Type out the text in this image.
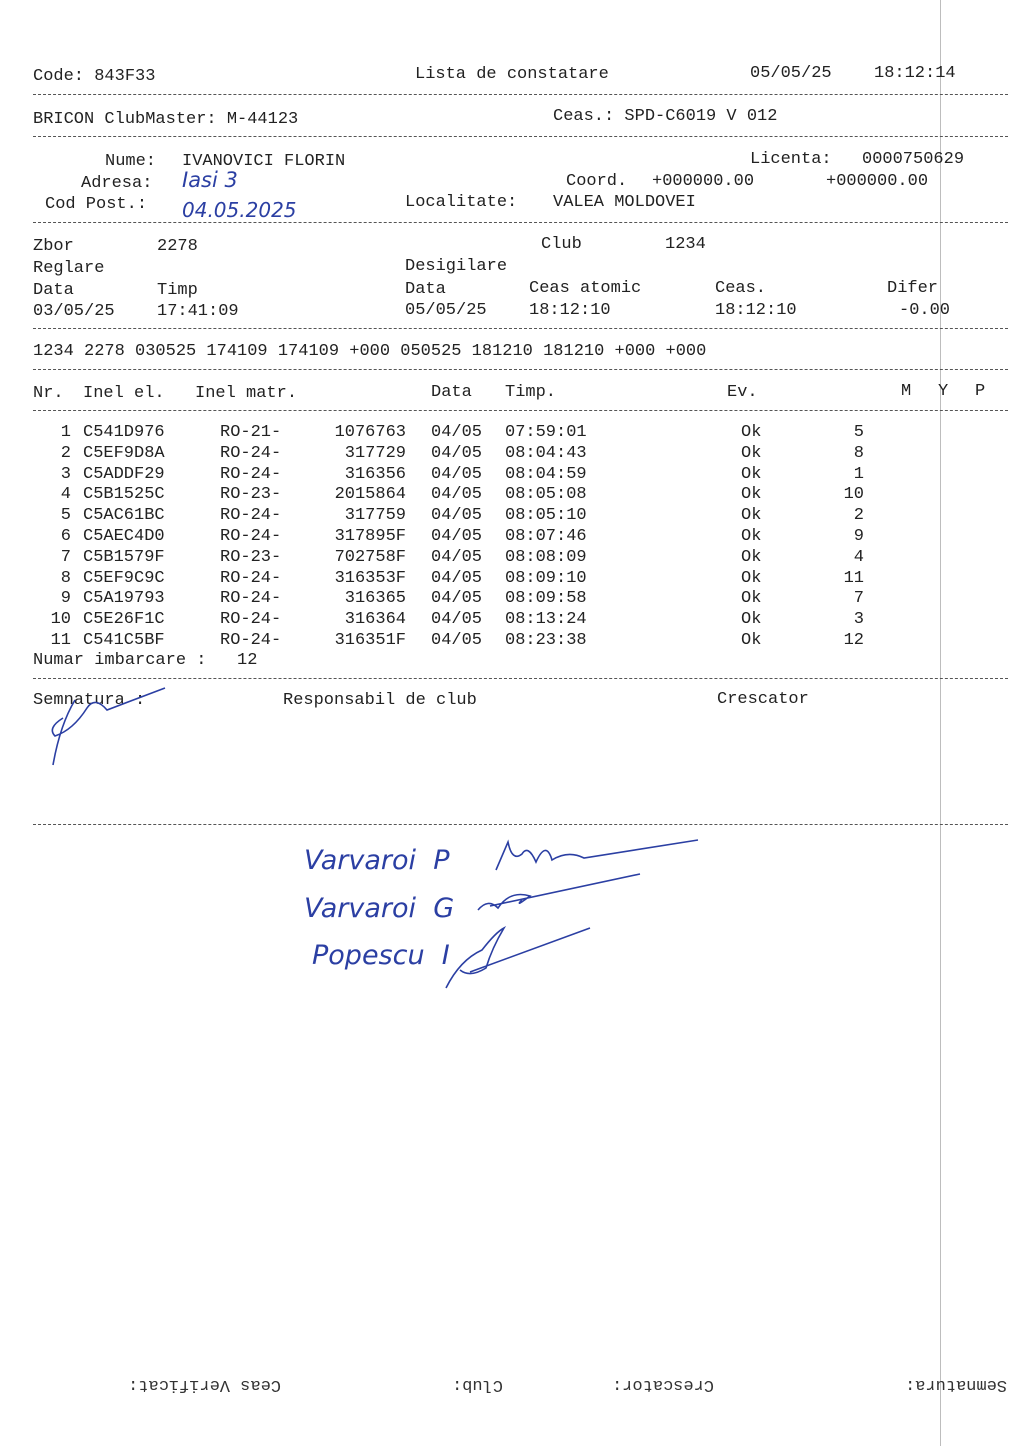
Code: 843F33	Lista de constatare	05/05/25 18:12:14
BRICON ClubMaster: M-44123	Ceas.: SPD-C6019 V 012
Nume: IVANOVICI FLORIN	Licenta: 0000750629
Adresa: Iasi 3	Coord. +000000.00	+000000.00
Cod Post.: 04.05.2025	Localitate: VALEA MOLDOVEI
Zbor	2278	Club	1234
Reglare	Desigilare
Data	Timp	Data	Ceas atomic	Ceas.	Difer
03/05/25 17:41:09	05/05/25 18:12:10	18:12:10	-0.00
1234 2278 030525 174109 174109 +000 050525 181210 181210 +000 +000
Nr. Inel el. Inel matr.	Data Timp.	Ev.	M Y P
1 C541D976	RO-21-	1076763 04/05 07:59:01	Ok	5
2 C5EF9D8A	RO-24-	317729 04/05 08:04:43	Ok	8
3 C5ADDF29	RO-24-	316356 04/05 08:04:59	Ok	1
4 C5B1525C	RO-23-	2015864 04/05 08:05:08	Ok	10
5 C5AC61BC	RO-24-	317759 04/05 08:05:10	Ok	2
6 C5AEC4D0	RO-24-	317895F 04/05 08:07:46	Ok	9
7 C5B1579F	RO-23-	702758F 04/05 08:08:09	Ok	4
8 C5EF9C9C	RO-24-	316353F 04/05 08:09:10	Ok	11
9 C5A19793	RO-24-	316365 04/05 08:09:58	Ok	7
10 C5E26F1C	RO-24-	316364 04/05 08:13:24	Ok	3
11 C541C5BF	RO-24-	316351F 04/05 08:23:38	Ok	12
Numar imbarcare :   12
Semnatura :	Responsabil de club	Crescator
Varvaroi  P
Varvaroi  G
Popescu  I
Ceas Verificat:	Club:	Crescator:	Semnatura:
